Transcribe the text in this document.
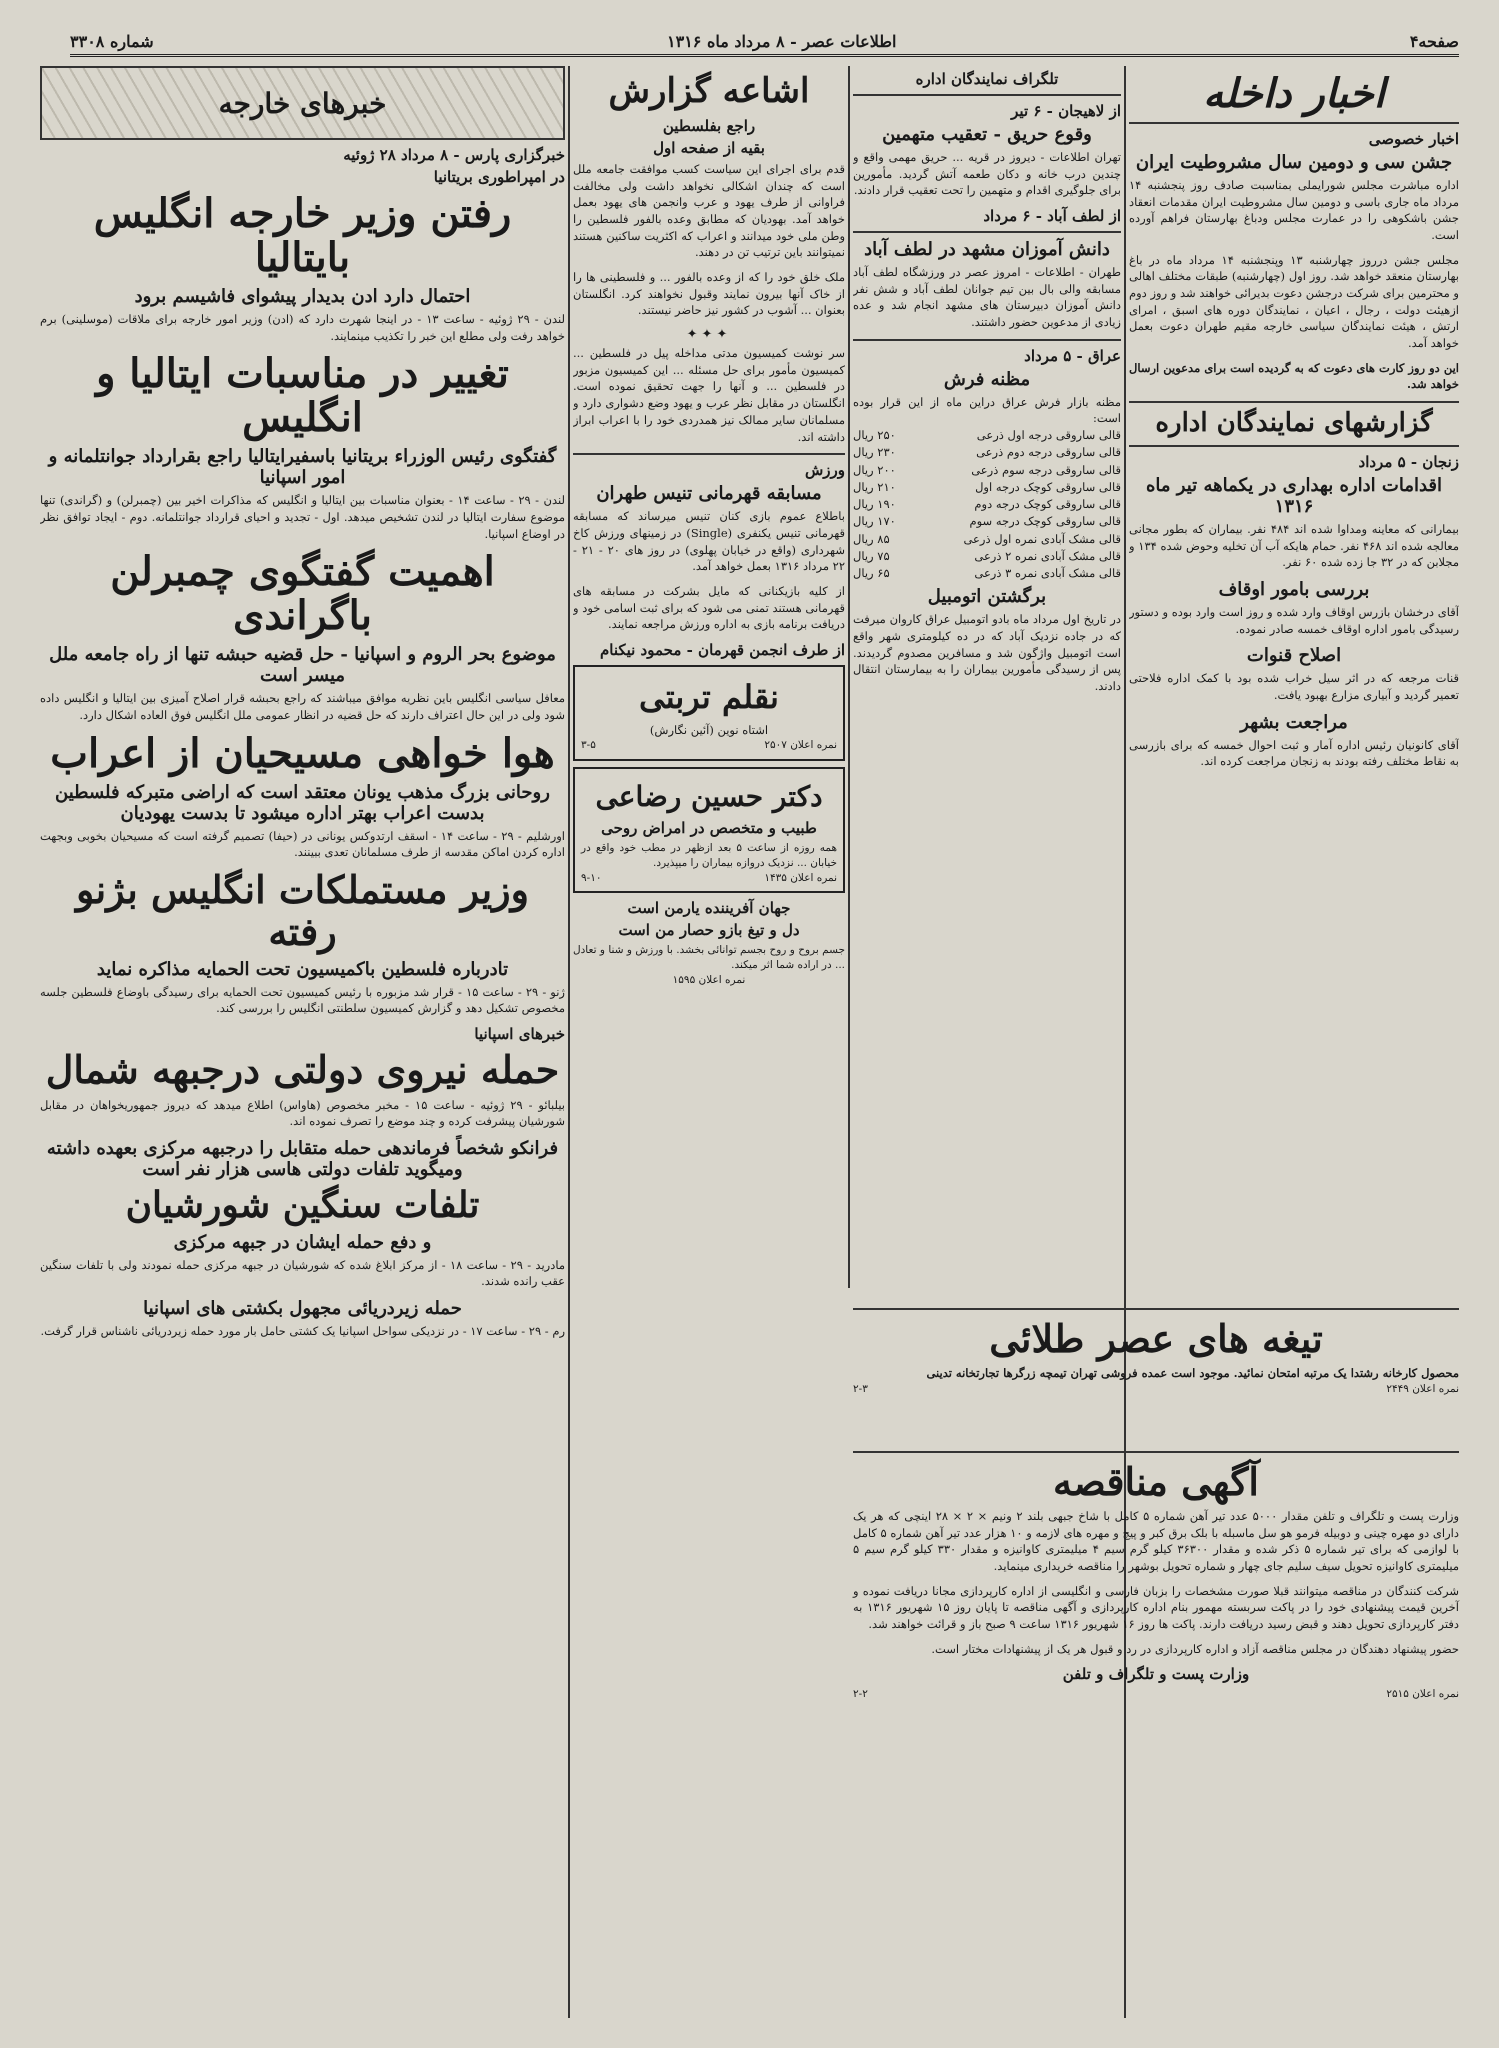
صفحه۴
اطلاعات عصر - ۸ مرداد ماه ۱۳۱۶
شماره ۳۳۰۸
اخبار داخله
اخبار خصوصی
جشن سی و دومین سال مشروطیت ایران
اداره مباشرت مجلس شورایملی بمناسبت صادف روز پنجشنبه ۱۴ مرداد ماه جاری باسی و دومین سال مشروطیت ایران مقدمات انعقاد جشن باشکوهی را در عمارت مجلس ودباغ بهارستان فراهم آورده است.
مجلس جشن درروز چهارشنبه ۱۳ وپنجشنبه ۱۴ مرداد ماه در باغ بهارستان منعقد خواهد شد. روز اول (چهارشنبه) طبقات مختلف اهالی و محترمین برای شرکت درجشن دعوت بدیرائی خواهند شد و روز دوم ازهیئت دولت ، رجال ، اعیان ، نمایندگان دوره های اسبق ، امرای ارتش ، هیئت نمایندگان سیاسی خارجه مقیم طهران دعوت بعمل خواهد آمد.
این دو روز کارت های دعوت که به گردیده است برای مدعوین ارسال خواهد شد.
گزارشهای نمایندگان اداره
زنجان - ۵ مرداد
اقدامات اداره بهداری در یکماهه تیر ماه ۱۳۱۶
بیمارانی که معاینه ومداوا شده اند ۴۸۴ نفر. بیماران که بطور مجانی معالجه شده اند ۴۶۸ نفر. حمام هایکه آب آن تخلیه وحوض شده ۱۳۴ و مجلابن که در ۳۲ جا زده شده ۶۰ نفر.
بررسی بامور اوقاف
آقای درخشان بازرس اوقاف وارد شده و روز است وارد بوده و دستور رسیدگی بامور اداره اوقاف خمسه صادر نموده.
اصلاح قنوات
قنات مرجعه که در اثر سیل خراب شده بود با کمک اداره فلاحتی تعمیر گردید و آبیاری مزارع بهبود یافت.
مراجعت بشهر
آقای کانونیان رئیس اداره آمار و ثبت احوال خمسه که برای بازرسی به نقاط مختلف رفته بودند به زنجان مراجعت کرده اند.
تلگراف نمایندگان اداره
از لاهیجان - ۶ تیر
وقوع حریق - تعقیب متهمین
تهران اطلاعات - دیروز در قریه ... حریق مهمی واقع و چندین درب خانه و دکان طعمه آتش گردید. مأمورین برای جلوگیری اقدام و متهمین را تحت تعقیب قرار دادند.
از لطف آباد - ۶ مرداد
دانش آموزان مشهد در لطف آباد
طهران - اطلاعات - امروز عصر در ورزشگاه لطف آباد مسابقه والی بال بین تیم جوانان لطف آباد و شش نفر دانش آموزان دبیرستان های مشهد انجام شد و عده زیادی از مدعوین حضور داشتند.
عراق - ۵ مرداد
مظنه فرش
مظنه بازار فرش عراق دراین ماه از این قرار بوده است:
قالی ساروقی درجه اول ذرعی
۲۵۰ ریال
قالی ساروقی درجه دوم ذرعی
۲۳۰ ریال
قالی ساروقی درجه سوم ذرعی
۲۰۰ ریال
قالی ساروقی کوچک درجه اول
۲۱۰ ریال
قالی ساروقی کوچک درجه دوم
۱۹۰ ریال
قالی ساروقی کوچک درجه سوم
۱۷۰ ریال
قالی مشک آبادی نمره اول ذرعی
۸۵ ریال
قالی مشک آبادی نمره ۲ ذرعی
۷۵ ریال
قالی مشک آبادی نمره ۳ ذرعی
۶۵ ریال
برگشتن اتومبیل
در تاریخ اول مرداد ماه بادو اتومبیل عراق کاروان میرفت که در جاده نزدیک آباد که در ده کیلومتری شهر واقع است اتومبیل واژگون شد و مسافرین مصدوم گردیدند. پس از رسیدگی مأمورین بیماران را به بیمارستان انتقال دادند.
اشاعه گزارش
راجع بفلسطین
بقیه از صفحه اول
قدم برای اجرای این سیاست کسب موافقت جامعه ملل است که چندان اشکالی نخواهد داشت ولی مخالفت فراوانی از طرف یهود و عرب وانجمن های یهود بعمل خواهد آمد. بهودیان که مطابق وعده بالفور فلسطین را وطن ملی خود میدانند و اعراب که اکثریت ساکنین هستند نمیتوانند باین ترتیب تن در دهند.
ملک خلق خود را که از وعده بالفور ... و فلسطینی ها را از خاک آنها بیرون نمایند وقبول نخواهند کرد. انگلستان بعنوان ... آشوب در کشور نیز حاضر نیستند.
✦✦✦
سر نوشت کمیسیون مدتی مداخله پیل در فلسطین ... کمیسیون مأمور برای حل مسئله ... این کمیسیون مزبور در فلسطین ... و آنها را جهت تحقیق نموده است. انگلستان در مقابل نظر عرب و یهود وضع دشواری دارد و مسلمانان سایر ممالک نیز همدردی خود را با اعراب ابراز داشته اند.
ورزش
مسابقه قهرمانی تنیس طهران
باطلاع عموم بازی کنان تنیس میرساند که مسابقه قهرمانی تنیس یکنفری (Single) در زمینهای ورزش کاخ شهرداری (واقع در خیابان پهلوی) در روز های ۲۰ - ۲۱ - ۲۲ مرداد ۱۳۱۶ بعمل خواهد آمد.
از کلیه بازیکنانی که مایل بشرکت در مسابقه های قهرمانی هستند تمنی می شود که برای ثبت اسامی خود و دریافت برنامه بازی به اداره ورزش مراجعه نمایند.
از طرف انجمن قهرمان - محمود نیکنام
نقلم تربتی
اشتاه نوین (آئین نگارش)
نمره اعلان ۲۵۰۷
۳-۵
دکتر حسین رضاعی
طبیب و متخصص در امراض روحی
همه روزه از ساعت ۵ بعد ازظهر در مطب خود واقع در خیابان ... نزدیک دروازه بیماران را میپذیرد.
نمره اعلان ۱۴۳۵
۹-۱۰
جهان آفریننده یارمن است
دل و تیغ بازو حصار من است
جسم بروح و روح بجسم توانائی بخشد. با ورزش و شنا و تعادل ... در اراده شما اثر میکند.
نمره اعلان ۱۵۹۵
خبرهای خارجه
خبرگزاری پارس - ۸ مرداد ۲۸ ژوئیه
در امپراطوری بریتانیا
رفتن وزیر خارجه انگلیس بایتالیا
احتمال دارد ادن بدیدار پیشوای فاشیسم برود
لندن - ۲۹ ژوئیه - ساعت ۱۳ - در اینجا شهرت دارد که (ادن) وزیر امور خارجه برای ملاقات (موسلینی) برم خواهد رفت ولی مطلع این خبر را تکذیب مینمایند.
تغییر در مناسبات ایتالیا و انگلیس
گفتگوی رئیس الوزراء بریتانیا باسفیرایتالیا راجع بقرارداد جوانتلمانه و امور اسپانیا
لندن - ۲۹ - ساعت ۱۴ - بعنوان مناسبات بین ایتالیا و انگلیس که مذاکرات اخیر بین (چمبرلن) و (گراندی) تنها موضوع سفارت ایتالیا در لندن تشخیص میدهد. اول - تجدید و احیای قرارداد جوانتلمانه. دوم - ایجاد توافق نظر در اوضاع اسپانیا.
اهمیت گفتگوی چمبرلن باگراندی
موضوع بحر الروم و اسپانیا - حل قضیه حبشه تنها از راه جامعه ملل میسر است
معافل سیاسی انگلیس باین نظریه موافق میباشند که راجع بحبشه قرار اصلاح آمیزی بین ایتالیا و انگلیس داده شود ولی در این حال اعتراف دارند که حل قضیه در انظار عمومی ملل انگلیس فوق العاده اشکال دارد.
هوا خواهی مسیحیان از اعراب
روحانی بزرگ مذهب یونان معتقد است که اراضی متبرکه فلسطین بدست اعراب بهتر اداره میشود تا بدست یهودیان
اورشلیم - ۲۹ - ساعت ۱۴ - اسقف ارتدوکس یونانی در (حیفا) تصمیم گرفته است که مسیحیان بخوبی وبجهت اداره کردن اماکن مقدسه از طرف مسلمانان تعدی ببینند.
وزیر مستملکات انگلیس بژنو رفته
تادرباره فلسطین باکمیسیون تحت الحمایه مذاکره نماید
ژنو - ۲۹ - ساعت ۱۵ - قرار شد مزبوره با رئیس کمیسیون تحت الحمایه برای رسیدگی باوضاع فلسطین جلسه مخصوص تشکیل دهد و گزارش کمیسیون سلطنتی انگلیس را بررسی کند.
خبرهای اسپانیا
حمله نیروی دولتی درجبهه شمال
بیلبائو - ۲۹ ژوئیه - ساعت ۱۵ - مخبر مخصوص (هاواس) اطلاع میدهد که دیروز جمهوریخواهان در مقابل شورشیان پیشرفت کرده و چند موضع را تصرف نموده اند.
فرانکو شخصاً فرماندهی حمله متقابل را درجبهه مرکزی بعهده داشته ومیگوید تلفات دولتی هاسی هزار نفر است
تلفات سنگین شورشیان
و دفع حمله ایشان در جبهه مرکزی
مادرید - ۲۹ - ساعت ۱۸ - از مرکز ابلاغ شده که شورشیان در جبهه مرکزی حمله نمودند ولی با تلفات سنگین عقب رانده شدند.
حمله زیردریائی مجهول بکشتی های اسپانیا
رم - ۲۹ - ساعت ۱۷ - در نزدیکی سواحل اسپانیا یک کشتی حامل بار مورد حمله زیردریائی ناشناس قرار گرفت.	تیغه های عصر طلائی
محصول کارخانه رشتدا یک مرتبه امتحان نمائید. موجود است عمده فروشی تهران تیمچه زرگرها تجارتخانه تدینی
نمره اعلان ۲۴۴۹
۲-۳
آگهی مناقصه
وزارت پست و تلگراف و تلفن مقدار ۵۰۰۰ عدد تیر آهن شماره ۵ کامل با شاخ جبهی بلند ۲ ونیم × ۲ × ۲۸ اینچی که هر یک دارای دو مهره چینی و دوبیله فرمو هو سل ماسبله با بلک برق کبر و پیچ و مهره های لازمه و ۱۰ هزار عدد تیر آهن شماره ۵ کامل با لوازمی که برای تیر شماره ۵ ذکر شده و مقدار ۳۶۳۰۰ کیلو گرم سیم ۴ میلیمتری کاوانیزه و مقدار ۳۳۰ کیلو گرم سیم ۵ میلیمتری کاوانیزه تحویل سیف سلیم جای چهار و شماره تحویل بوشهر را مناقصه خریداری مینماید.
شرکت کنندگان در مناقصه میتوانند قبلا صورت مشخصات را بزبان فارسی و انگلیسی از اداره کارپردازی مجانا دریافت نموده و آخرین قیمت پیشنهادی خود را در پاکت سربسته مهمور بنام اداره کارپردازی و آگهی مناقصه تا پایان روز ۱۵ شهریور ۱۳۱۶ به دفتر کارپردازی تحویل دهند و قبض رسید دریافت دارند. پاکت ها روز ۱۶ شهریور ۱۳۱۶ ساعت ۹ صبح باز و قرائت خواهند شد.
حضور پیشنهاد دهندگان در مجلس مناقصه آزاد و اداره کارپردازی در رد و قبول هر یک از پیشنهادات مختار است.
وزارت پست و تلگراف و تلفن
نمره اعلان ۲۵۱۵
۲-۲
